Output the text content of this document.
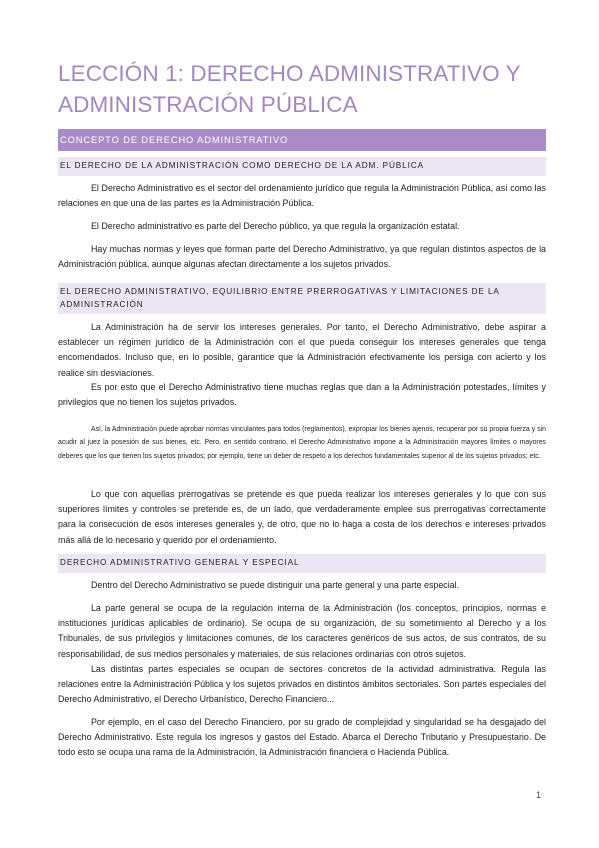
LECCIÓN 1: DERECHO ADMINISTRATIVO Y ADMINISTRACIÓN PÚBLICA
CONCEPTO DE DERECHO ADMINISTRATIVO
EL DERECHO DE LA ADMINISTRACIÓN COMO DERECHO DE LA ADM. PÚBLICA

El Derecho Administrativo es el sector del ordenamiento jurídico que regula la Administración Pública, así como las relaciones en que una de las partes es la Administración Pública.

El Derecho administrativo es parte del Derecho público, ya que regula la organización estatal.

Hay muchas normas y leyes que forman parte del Derecho Administrativo, ya que regulan distintos aspectos de la Administración pública, aunque algunas afectan directamente a los sujetos privados.

EL DERECHO ADMINISTRATIVO, EQUILIBRIO ENTRE PRERROGATIVAS Y LIMITACIONES DE LA ADMINISTRACIÓN

La Administración ha de servir los intereses generales. Por tanto, el Derecho Administrativo, debe aspirar a establecer un régimen jurídico de la Administración con el que pueda conseguir los intereses generales que tenga encomendados. Incluso que, en lo posible, garantice que la Administración efectivamente los persiga con acierto y los realice sin desviaciones.

Es por esto que el Derecho Administrativo tiene muchas reglas que dan a la Administración potestades, límites y privilegios que no tienen los sujetos privados.

Así, la Administración puede aprobar normas vinculantes para todos (reglamentos), expropiar los bienes ajenos, recuperar por su propia fuerza y sin acudir al juez la posesión de sus bienes, etc. Pero, en sentido contrario, el Derecho Administrativo impone a la Administración mayores límites o mayores deberes que los que tienen los sujetos privados; por ejemplo, tiene un deber de respeto a los derechos fundamentales superior al de los sujetos privados; etc.

Lo que con aquellas prerrogativas se pretende es que pueda realizar los intereses generales y lo que con sus superiores límites y controles se pretende es, de un lado, que verdaderamente emplee sus prerrogativas correctamente para la consecución de esos intereses generales y, de otro, que no lo haga a costa de los derechos e intereses privados más allá de lo necesario y querido por el ordenamiento.

DERECHO ADMINISTRATIVO GENERAL Y ESPECIAL

Dentro del Derecho Administrativo se puede distinguir una parte general y una parte especial.

La parte general se ocupa de la regulación interna de la Administración (los conceptos, principios, normas e instituciones jurídicas aplicables de ordinario). Se ocupa de su organización, de su sometimiento al Derecho y a los Tribunales, de sus privilegios y limitaciones comunes, de los caracteres genéricos de sus actos, de sus contratos, de su responsabilidad, de sus medios personales y materiales, de sus relaciones ordinarias con otros sujetos.

Las distintas partes especiales se ocupan de sectores concretos de la actividad administrativa. Regula las relaciones entre la Administración Pública y los sujetos privados en distintos ámbitos sectoriales. Son partes especiales del Derecho Administrativo, el Derecho Urbanístico, Derecho Financiero...

Por ejemplo, en el caso del Derecho Financiero, por su grado de complejidad y singularidad se ha desgajado del Derecho Administrativo. Este regula los ingresos y gastos del Estado. Abarca el Derecho Tributario y Presupuestario. De todo esto se ocupa una rama de la Administración, la Administración financiera o Hacienda Pública.

1
